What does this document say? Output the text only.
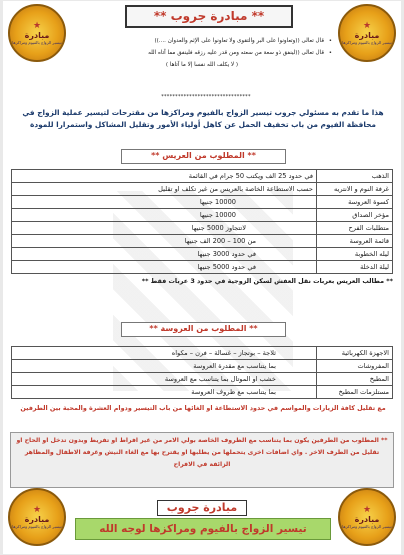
★
مبادرة
تيسير الزواج بالفيوم ومراكزها
★
مبادرة
تيسير الزواج بالفيوم ومراكزها
★
مبادرة
تيسير الزواج بالفيوم ومراكزها
★
مبادرة
تيسير الزواج بالفيوم ومراكزها
** مبادرة جروب **
• قال تعالى ((وتعاونوا على البر والتقوى ولا تعاونوا على الإثم والعدوان ....))
• قال تعالى ((لينفق ذو سعة من سعته ومن قدر عليه رزقه فلينفق مما آتاه الله
( لا يكلف الله نفسا إلا ما آتاها )
********************************
هذا ما تقدم به مسئولي جروب تيسير الزواج بالفيوم ومراكزها من مقترحات لتيسير عملية الزواج في محافظة الفيوم من باب تخفيف الحمل عن كاهل أولياء الأمور وتقليل المشاكل واستمرارا للمودة
** المطلوب من العريس **
الذهب	في حدود 25 الف ويكتب 50 جرام في القائمة
غرفة النوم و الانتريه	حسب الاستطاعة الخاصة بالعريس من غير تكلف او تقليل
كسوة العروسة	10000 جنيها
مؤخر الصداق	10000 جنيها
متطلبات الفرح	لاتتجاوز 5000 جنيها
قائمة العروسة	من 100 – 200 الف جنيها
ليله الخطوبة	في حدود 3000 جنيها
ليلة الدخلة	في حدود 5000 جنيها
** مطالب العريس بعربات نقل العفش لسكن الزوجية في حدود 3 عربات فقط **
** المطلوب من العروسة **
الاجهزة الكهربائية	ثلاجة – بوتجاز – غسالة – فرن – مكواه
المفروشات	بما يتناسب مع مقدرة العروسة
المطبخ	خشب او الموتال بما يتناسب مع العروسة
مستلزمات المطبخ	بما يتناسب مع ظروف العروسة
مع تقليل كافة الزيارات والمواسم في حدود الاستطاعة او الغائها من باب التيسير ودوام العشرة والمحبة بين الطرفين
** المطلوب من الطرفين يكون بما يتناسب مع الظروف الخاصة بولي الامر من غير افراط او تفريط وبدون تدخل او الحاح او تقليل من الطرف الاخر . واي اضافات اخرى يتحملها من يطلبها او يقترح بها مع الغاء النيش وغرفة الاطفال والمظاهر الزائفة في الافراح
مبادرة جروب
تيسير الزواج بالفيوم ومراكزها لوجه الله
